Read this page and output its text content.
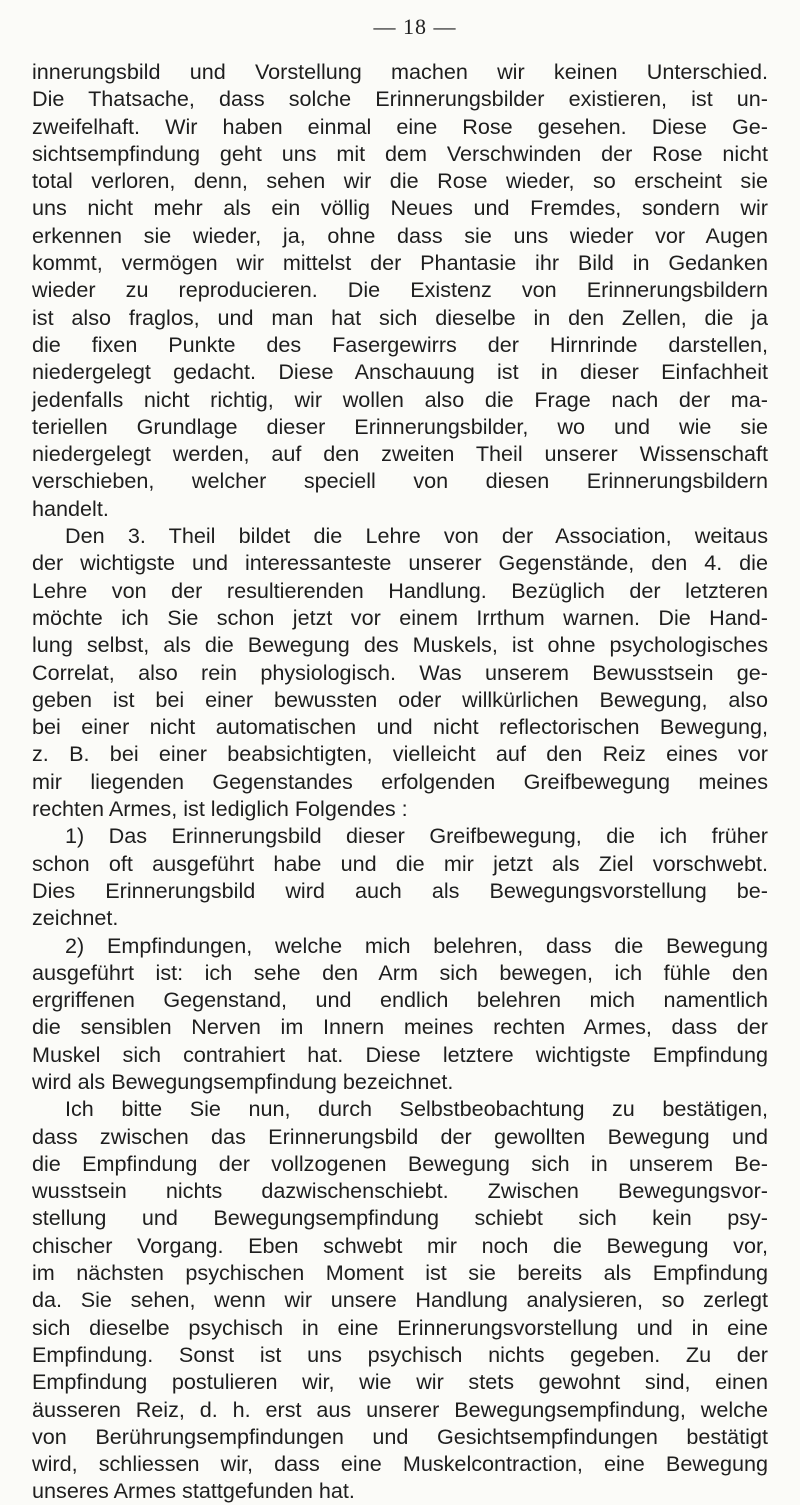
— 18 —
innerungsbild und Vorstellung machen wir keinen Unterschied.
Die Thatsache, dass solche Erinnerungsbilder existieren, ist un-
zweifelhaft. Wir haben einmal eine Rose gesehen. Diese Ge-
sichtsempfindung geht uns mit dem Verschwinden der Rose nicht
total verloren, denn, sehen wir die Rose wieder, so erscheint sie
uns nicht mehr als ein völlig Neues und Fremdes, sondern wir
erkennen sie wieder, ja, ohne dass sie uns wieder vor Augen
kommt, vermögen wir mittelst der Phantasie ihr Bild in Gedanken
wieder zu reproducieren. Die Existenz von Erinnerungsbildern
ist also fraglos, und man hat sich dieselbe in den Zellen, die ja
die fixen Punkte des Fasergewirrs der Hirnrinde darstellen,
niedergelegt gedacht. Diese Anschauung ist in dieser Einfachheit
jedenfalls nicht richtig, wir wollen also die Frage nach der ma-
teriellen Grundlage dieser Erinnerungsbilder, wo und wie sie
niedergelegt werden, auf den zweiten Theil unserer Wissenschaft
verschieben, welcher speciell von diesen Erinnerungsbildern
handelt.
Den 3. Theil bildet die Lehre von der Association, weitaus
der wichtigste und interessanteste unserer Gegenstände, den 4. die
Lehre von der resultierenden Handlung. Bezüglich der letzteren
möchte ich Sie schon jetzt vor einem Irrthum warnen. Die Hand-
lung selbst, als die Bewegung des Muskels, ist ohne psychologisches
Correlat, also rein physiologisch. Was unserem Bewusstsein ge-
geben ist bei einer bewussten oder willkürlichen Bewegung, also
bei einer nicht automatischen und nicht reflectorischen Bewegung,
z. B. bei einer beabsichtigten, vielleicht auf den Reiz eines vor
mir liegenden Gegenstandes erfolgenden Greifbewegung meines
rechten Armes, ist lediglich Folgendes :
1) Das Erinnerungsbild dieser Greifbewegung, die ich früher
schon oft ausgeführt habe und die mir jetzt als Ziel vorschwebt.
Dies Erinnerungsbild wird auch als Bewegungsvorstellung be-
zeichnet.
2) Empfindungen, welche mich belehren, dass die Bewegung
ausgeführt ist: ich sehe den Arm sich bewegen, ich fühle den
ergriffenen Gegenstand, und endlich belehren mich namentlich
die sensiblen Nerven im Innern meines rechten Armes, dass der
Muskel sich contrahiert hat. Diese letztere wichtigste Empfindung
wird als Bewegungsempfindung bezeichnet.
Ich bitte Sie nun, durch Selbstbeobachtung zu bestätigen,
dass zwischen das Erinnerungsbild der gewollten Bewegung und
die Empfindung der vollzogenen Bewegung sich in unserem Be-
wusstsein nichts dazwischenschiebt. Zwischen Bewegungsvor-
stellung und Bewegungsempfindung schiebt sich kein psy-
chischer Vorgang. Eben schwebt mir noch die Bewegung vor,
im nächsten psychischen Moment ist sie bereits als Empfindung
da. Sie sehen, wenn wir unsere Handlung analysieren, so zerlegt
sich dieselbe psychisch in eine Erinnerungsvorstellung und in eine
Empfindung. Sonst ist uns psychisch nichts gegeben. Zu der
Empfindung postulieren wir, wie wir stets gewohnt sind, einen
äusseren Reiz, d. h. erst aus unserer Bewegungsempfindung, welche
von Berührungsempfindungen und Gesichtsempfindungen bestätigt
wird, schliessen wir, dass eine Muskelcontraction, eine Bewegung
unseres Armes stattgefunden hat.
